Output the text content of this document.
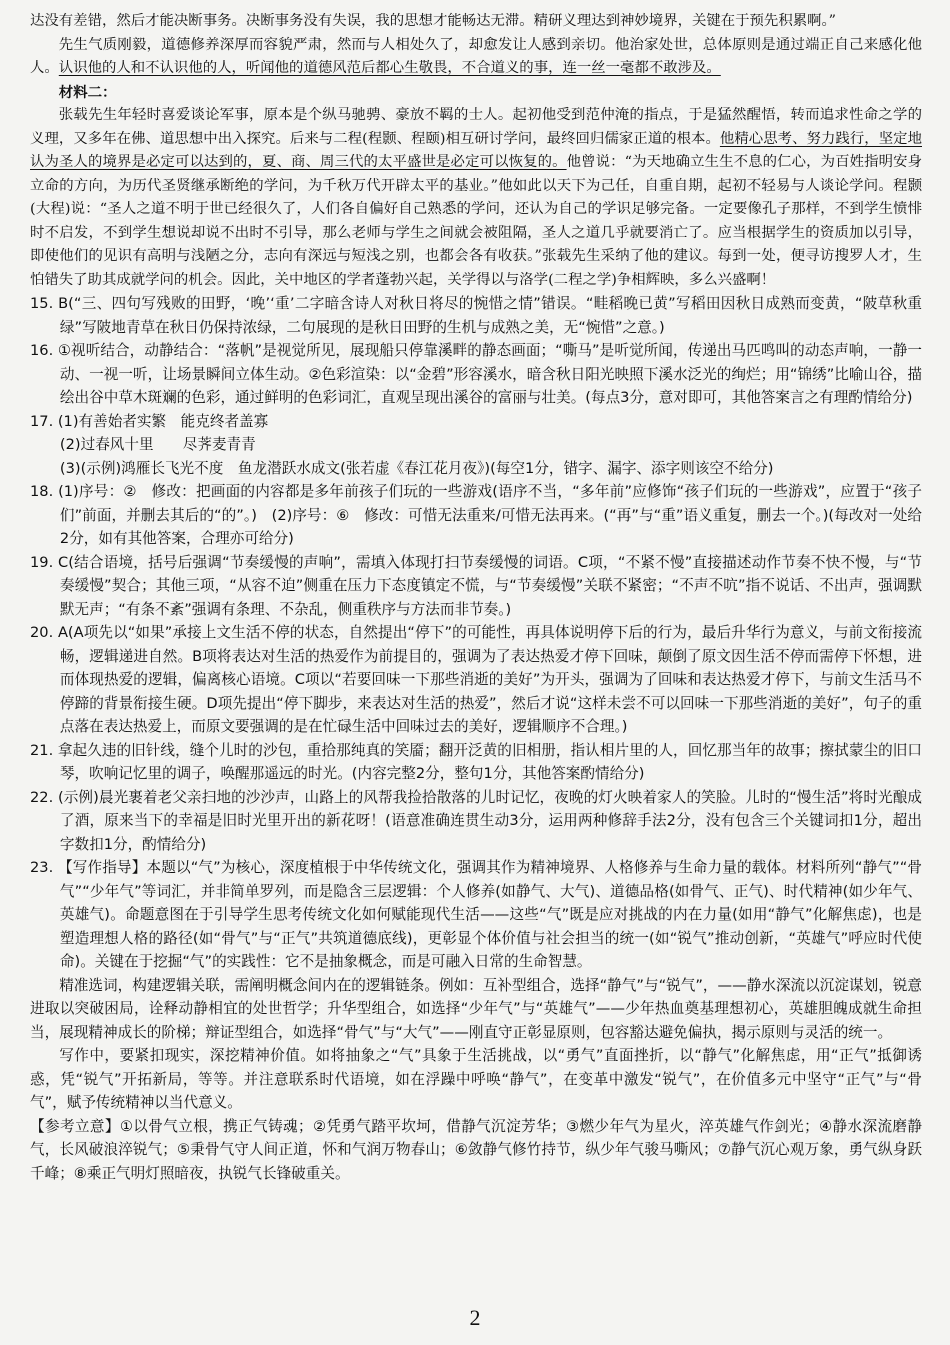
达没有差错，然后才能决断事务。决断事务没有失误，我的思想才能畅达无滞。精研义理达到神妙境界，关键在于预先积累啊。”

先生气质刚毅，道德修养深厚而容貌严肃，然而与人相处久了，却愈发让人感到亲切。他治家处世，总体原则是通过端正自己来感化他人。认识他的人和不认识他的人，听闻他的道德风范后都心生敬畏，不合道义的事，连一丝一毫都不敢涉及。

材料二：

张载先生年轻时喜爱谈论军事，原本是个纵马驰骋、豪放不羁的士人。起初他受到范仲淹的指点，于是猛然醒悟，转而追求性命之学的义理，又多年在佛、道思想中出入探究。后来与二程(程颢、程颐)相互研讨学问，最终回归儒家正道的根本。他精心思考、努力践行，坚定地认为圣人的境界是必定可以达到的，夏、商、周三代的太平盛世是必定可以恢复的。他曾说：“为天地确立生生不息的仁心，为百姓指明安身立命的方向，为历代圣贤继承断绝的学问，为千秋万代开辟太平的基业。”他如此以天下为己任，自重自期，起初不轻易与人谈论学问。程颢(大程)说：“圣人之道不明于世已经很久了，人们各自偏好自己熟悉的学问，还认为自己的学识足够完备。一定要像孔子那样，不到学生愤悱时不启发，不到学生想说却说不出时不引导，那么老师与学生之间就会被阻隔，圣人之道几乎就要消亡了。应当根据学生的资质加以引导，即使他们的见识有高明与浅陋之分，志向有深远与短浅之别，也都会各有收获。”张载先生采纳了他的建议。每到一处，便寻访搜罗人才，生怕错失了助其成就学问的机会。因此，关中地区的学者蓬勃兴起，关学得以与洛学(二程之学)争相辉映，多么兴盛啊！

15. B(“三、四句写残败的田野，‘晚’‘重’二字暗含诗人对秋日将尽的惋惜之情”错误。“畦稻晚已黄”写稻田因秋日成熟而变黄，“陂草秋重绿”写陂地青草在秋日仍保持浓绿，二句展现的是秋日田野的生机与成熟之美，无“惋惜”之意。)

16. ①视听结合，动静结合：“落帆”是视觉所见，展现船只停靠溪畔的静态画面；“嘶马”是听觉所闻，传递出马匹鸣叫的动态声响，一静一动、一视一听，让场景瞬间立体生动。②色彩渲染：以“金碧”形容溪水，暗含秋日阳光映照下溪水泛光的绚烂；用“锦绣”比喻山谷，描绘出谷中草木斑斓的色彩，通过鲜明的色彩词汇，直观呈现出溪谷的富丽与壮美。(每点3分，意对即可，其他答案言之有理酌情给分)

17. (1)有善始者实繁　能克终者盖寡

(2)过春风十里　　尽荠麦青青

(3)(示例)鸿雁长飞光不度　鱼龙潜跃水成文(张若虚《春江花月夜》)(每空1分，错字、漏字、添字则该空不给分)

18. (1)序号：②　修改：把画面的内容都是多年前孩子们玩的一些游戏(语序不当，“多年前”应修饰“孩子们玩的一些游戏”，应置于“孩子们”前面，并删去其后的“的”。)　(2)序号：⑥　修改：可惜无法重来/可惜无法再来。(“再”与“重”语义重复，删去一个。)(每改对一处给2分，如有其他答案，合理亦可给分)

19. C(结合语境，括号后强调“节奏缓慢的声响”，需填入体现打扫节奏缓慢的词语。C项，“不紧不慢”直接描述动作节奏不快不慢，与“节奏缓慢”契合；其他三项，“从容不迫”侧重在压力下态度镇定不慌，与“节奏缓慢”关联不紧密；“不声不吭”指不说话、不出声，强调默默无声；“有条不紊”强调有条理、不杂乱，侧重秩序与方法而非节奏。)

20. A(A项先以“如果”承接上文生活不停的状态，自然提出“停下”的可能性，再具体说明停下后的行为，最后升华行为意义，与前文衔接流畅，逻辑递进自然。B项将表达对生活的热爱作为前提目的，强调为了表达热爱才停下回味，颠倒了原文因生活不停而需停下怀想，进而体现热爱的逻辑，偏离核心语境。C项以“若要回味一下那些消逝的美好”为开头，强调为了回味和表达热爱才停下，与前文生活马不停蹄的背景衔接生硬。D项先提出“停下脚步，来表达对生活的热爱”，然后才说“这样未尝不可以回味一下那些消逝的美好”，句子的重点落在表达热爱上，而原文要强调的是在忙碌生活中回味过去的美好，逻辑顺序不合理。)

21. 拿起久违的旧针线，缝个儿时的沙包，重拾那纯真的笑靥；翻开泛黄的旧相册，指认相片里的人，回忆那当年的故事；擦拭蒙尘的旧口琴，吹响记忆里的调子，唤醒那遥远的时光。(内容完整2分，整句1分，其他答案酌情给分)

22. (示例)晨光裹着老父亲扫地的沙沙声，山路上的风帮我捡拾散落的儿时记忆，夜晚的灯火映着家人的笑脸。儿时的“慢生活”将时光酿成了酒，原来当下的幸福是旧时光里开出的新花呀！(语意准确连贯生动3分，运用两种修辞手法2分，没有包含三个关键词扣1分，超出字数扣1分，酌情给分)

23. 【写作指导】本题以“气”为核心，深度植根于中华传统文化，强调其作为精神境界、人格修养与生命力量的载体。材料所列“静气”“骨气”“少年气”等词汇，并非简单罗列，而是隐含三层逻辑：个人修养(如静气、大气)、道德品格(如骨气、正气)、时代精神(如少年气、英雄气)。命题意图在于引导学生思考传统文化如何赋能现代生活——这些“气”既是应对挑战的内在力量(如用“静气”化解焦虑)，也是塑造理想人格的路径(如“骨气”与“正气”共筑道德底线)，更彰显个体价值与社会担当的统一(如“锐气”推动创新，“英雄气”呼应时代使命)。关键在于挖掘“气”的实践性：它不是抽象概念，而是可融入日常的生命智慧。

精准选词，构建逻辑关联，需阐明概念间内在的逻辑链条。例如：互补型组合，选择“静气”与“锐气”，——静水深流以沉淀谋划，锐意进取以突破困局，诠释动静相宜的处世哲学；升华型组合，如选择“少年气”与“英雄气”——少年热血奠基理想初心，英雄胆魄成就生命担当，展现精神成长的阶梯；辩证型组合，如选择“骨气”与“大气”——刚直守正彰显原则，包容豁达避免偏执，揭示原则与灵活的统一。

写作中，要紧扣现实，深挖精神价值。如将抽象之“气”具象于生活挑战，以“勇气”直面挫折，以“静气”化解焦虑，用“正气”抵御诱惑，凭“锐气”开拓新局，等等。并注意联系时代语境，如在浮躁中呼唤“静气”，在变革中激发“锐气”，在价值多元中坚守“正气”与“骨气”，赋予传统精神以当代意义。

【参考立意】①以骨气立根，携正气铸魂；②凭勇气踏平坎坷，借静气沉淀芳华；③燃少年气为星火，淬英雄气作剑光；④静水深流磨静气，长风破浪淬锐气；⑤秉骨气守人间正道，怀和气润万物春山；⑥敛静气修竹持节，纵少年气骏马嘶风；⑦静气沉心观万象，勇气纵身跃千峰；⑧乘正气明灯照暗夜，执锐气长锋破重关。

2
